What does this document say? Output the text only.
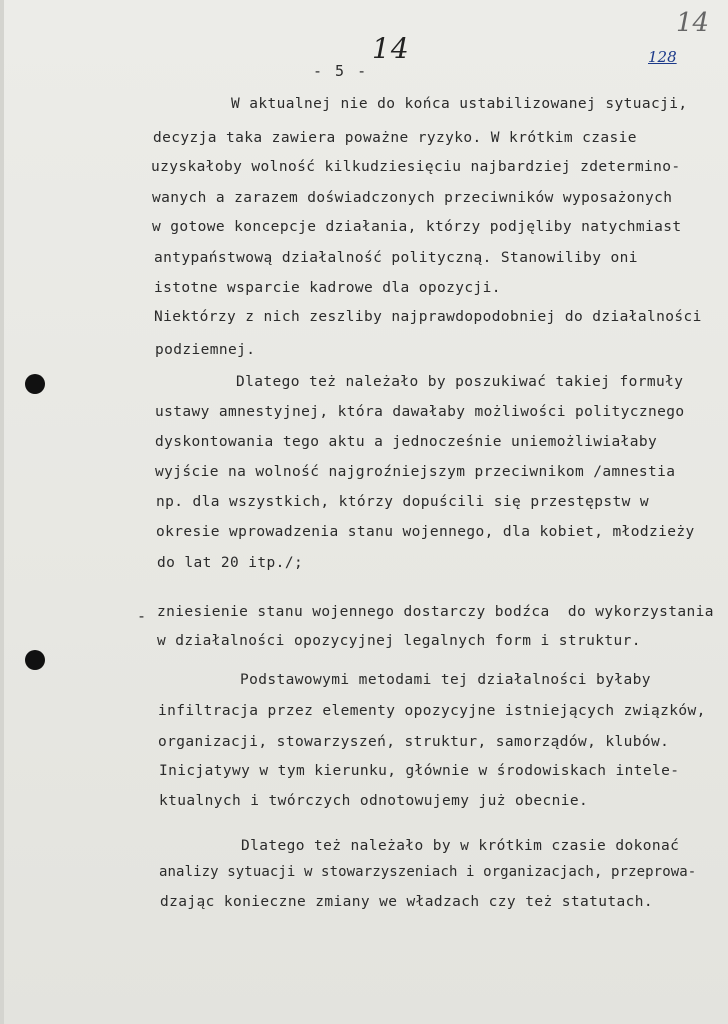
14
14
128
- 5 -
W aktualnej nie do końca ustabilizowanej sytuacji,
decyzja taka zawiera poważne ryzyko. W krótkim czasie
uzyskałoby wolność kilkudziesięciu najbardziej zdetermino-
wanych a zarazem doświadczonych przeciwników wyposażonych
w gotowe koncepcje działania, którzy podjęliby natychmiast
antypaństwową działalność polityczną. Stanowiliby oni
istotne wsparcie kadrowe dla opozycji.
Niektórzy z nich zeszliby najprawdopodobniej do działalności
podziemnej.
Dlatego też należało by poszukiwać takiej formuły
ustawy amnestyjnej, która dawałaby możliwości politycznego
dyskontowania tego aktu a jednocześnie uniemożliwiałaby
wyjście na wolność najgroźniejszym przeciwnikom /amnestia
np. dla wszystkich, którzy dopuścili się przestępstw w
okresie wprowadzenia stanu wojennego, dla kobiet, młodzieży
do lat 20 itp./;
- zniesienie stanu wojennego dostarczy bodźca  do wykorzystania
w działalności opozycyjnej legalnych form i struktur.
Podstawowymi metodami tej działalności byłaby
infiltracja przez elementy opozycyjne istniejących związków,
organizacji, stowarzyszeń, struktur, samorządów, klubów.
Inicjatywy w tym kierunku, głównie w środowiskach intele-
ktualnych i twórczych odnotowujemy już obecnie.
Dlatego też należało by w krótkim czasie dokonać
analizy sytuacji w stowarzyszeniach i organizacjach, przeprowa-
dzając konieczne zmiany we władzach czy też statutach.
